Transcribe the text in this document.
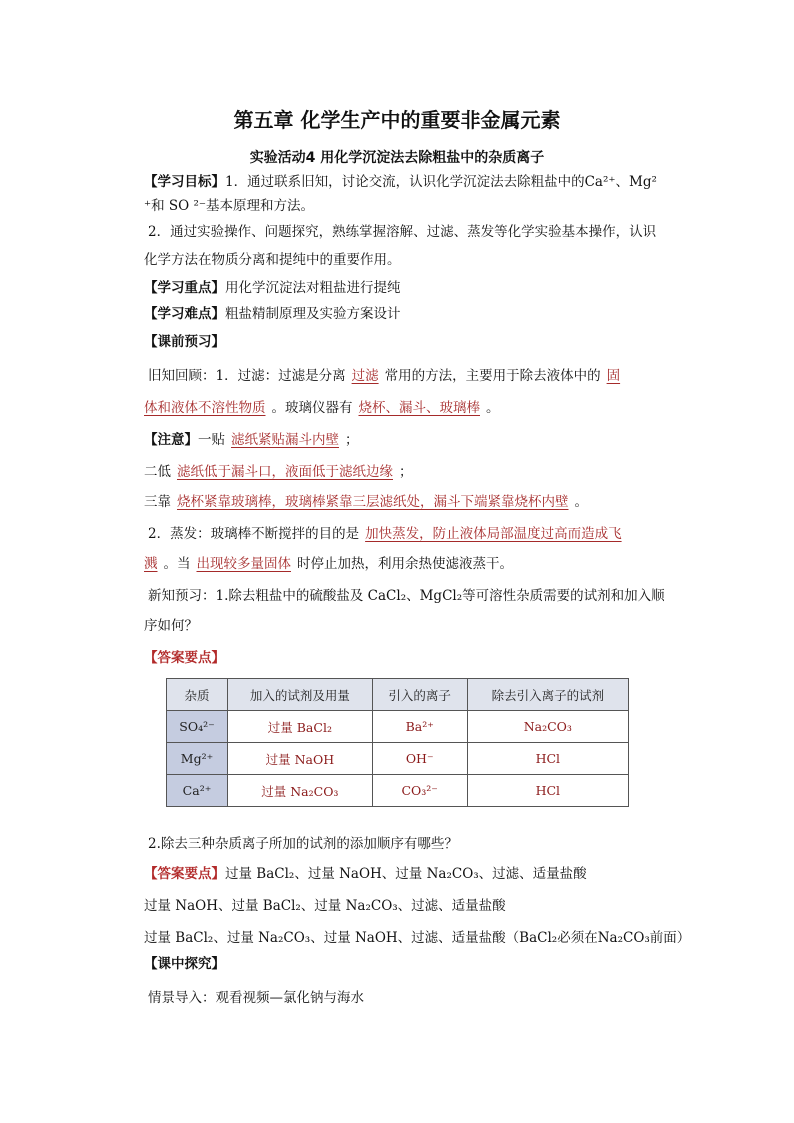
第五章 化学生产中的重要非金属元素
实验活动4 用化学沉淀法去除粗盐中的杂质离子
【学习目标】1．通过联系旧知，讨论交流，认识化学沉淀法去除粗盐中的Ca²⁺、Mg²
⁺和 SO ²⁻基本原理和方法。
2．通过实验操作、问题探究，熟练掌握溶解、过滤、蒸发等化学实验基本操作，认识
化学方法在物质分离和提纯中的重要作用。
【学习重点】用化学沉淀法对粗盐进行提纯
【学习难点】粗盐精制原理及实验方案设计
【课前预习】
旧知回顾：1．过滤：过滤是分离 过滤 常用的方法，主要用于除去液体中的 固
体和液体不溶性物质 。玻璃仪器有 烧杯、漏斗、玻璃棒 。
【注意】一贴 滤纸紧贴漏斗内壁 ；
二低 滤纸低于漏斗口，液面低于滤纸边缘 ；
三靠 烧杯紧靠玻璃棒，玻璃棒紧靠三层滤纸处，漏斗下端紧靠烧杯内壁 。
2．蒸发：玻璃棒不断搅拌的目的是 加快蒸发，防止液体局部温度过高而造成飞
溅 。当 出现较多量固体 时停止加热，利用余热使滤液蒸干。
新知预习：1.除去粗盐中的硫酸盐及 CaCl₂、MgCl₂等可溶性杂质需要的试剂和加入顺
序如何？
【答案要点】
杂质	加入的试剂及用量	引入的离子	除去引入离子的试剂
SO₄²⁻	过量 BaCl₂	Ba²⁺	Na₂CO₃
Mg²⁺	过量 NaOH	OH⁻	HCl
Ca²⁺	过量 Na₂CO₃	CO₃²⁻	HCl
2.除去三种杂质离子所加的试剂的添加顺序有哪些？
【答案要点】过量 BaCl₂、过量 NaOH、过量 Na₂CO₃、过滤、适量盐酸
过量 NaOH、过量 BaCl₂、过量 Na₂CO₃、过滤、适量盐酸
过量 BaCl₂、过量 Na₂CO₃、过量 NaOH、过滤、适量盐酸（BaCl₂必须在Na₂CO₃前面）
【课中探究】
情景导入：观看视频—氯化钠与海水
